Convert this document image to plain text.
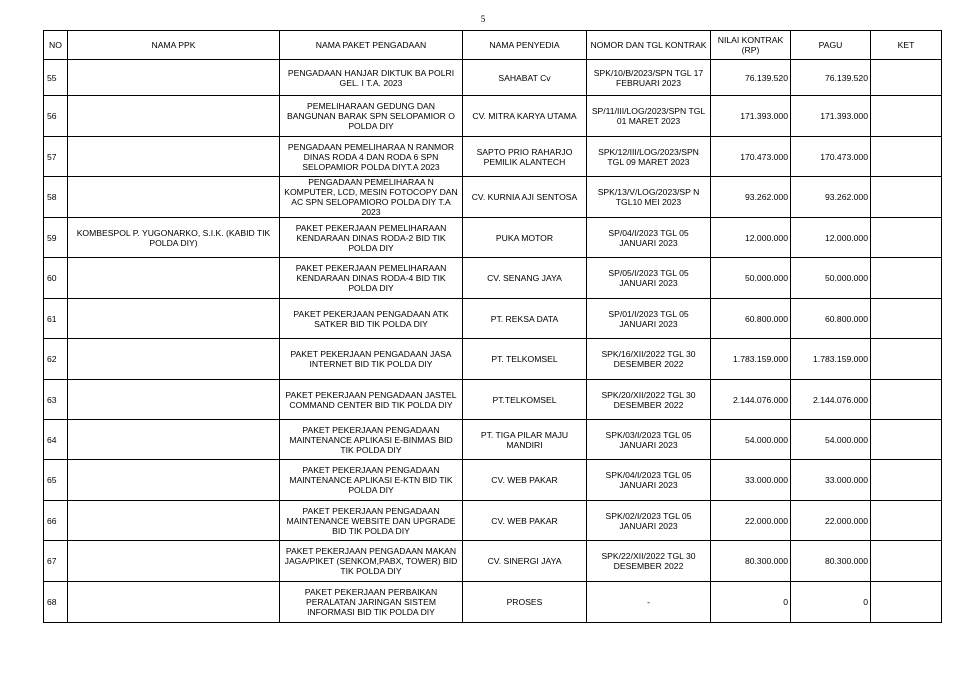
5
NO	NAMA PPK	NAMA PAKET PENGADAAN	NAMA PENYEDIA	NOMOR DAN TGL KONTRAK	NILAI KONTRAK (RP)	PAGU	KET
55		PENGADAAN HANJAR DIKTUK BA POLRI GEL. I T.A. 2023	SAHABAT Cv	SPK/10/B/2023/SPN TGL 17 FEBRUARI 2023	76.139.520	76.139.520	
56		PEMELIHARAAN GEDUNG DAN BANGUNAN BARAK SPN SELOPAMIOR O POLDA DIY	CV. MITRA KARYA UTAMA	SP/11/III/LOG/2023/SPN TGL 01 MARET 2023	171.393.000	171.393.000	
57		PENGADAAN PEMELIHARAA N RANMOR DINAS RODA 4 DAN RODA 6 SPN SELOPAMIOR POLDA DIYT.A 2023	SAPTO PRIO RAHARJO PEMILIK ALANTECH	SPK/12/III/LOG/2023/SPN TGL 09 MARET 2023	170.473.000	170.473.000	
58		PENGADAAN PEMELIHARAA N KOMPUTER, LCD, MESIN FOTOCOPY DAN AC SPN SELOPAMIORO POLDA DIY T.A 2023	CV. KURNIA AJI SENTOSA	SPK/13/V/LOG/2023/SP N TGL10 MEI 2023	93.262.000	93.262.000	
59	KOMBESPOL P. YUGONARKO, S.I.K. (KABID TIK POLDA DIY)	PAKET PEKERJAAN PEMELIHARAAN KENDARAAN DINAS RODA-2 BID TIK POLDA DIY	PUKA MOTOR	SP/04/I/2023 TGL 05 JANUARI 2023	12.000.000	12.000.000	
60		PAKET PEKERJAAN PEMELIHARAAN KENDARAAN DINAS RODA-4 BID TIK POLDA DIY	CV. SENANG JAYA	SP/05/I/2023 TGL 05 JANUARI 2023	50.000.000	50.000.000	
61		PAKET PEKERJAAN PENGADAAN ATK SATKER BID TIK POLDA DIY	PT. REKSA DATA	SP/01/I/2023 TGL 05 JANUARI 2023	60.800.000	60.800.000	
62		PAKET PEKERJAAN PENGADAAN JASA INTERNET BID TIK POLDA DIY	PT. TELKOMSEL	SPK/16/XII/2022 TGL 30 DESEMBER 2022	1.783.159.000	1.783.159.000	
63		PAKET PEKERJAAN PENGADAAN JASTEL COMMAND CENTER BID TIK POLDA DIY	PT.TELKOMSEL	SPK/20/XII/2022 TGL 30 DESEMBER 2022	2.144.076.000	2.144.076.000	
64		PAKET PEKERJAAN PENGADAAN MAINTENANCE APLIKASI E-BINMAS BID TIK POLDA DIY	PT. TIGA PILAR MAJU MANDIRI	SPK/03/I/2023 TGL 05 JANUARI 2023	54.000.000	54.000.000	
65		PAKET PEKERJAAN PENGADAAN MAINTENANCE APLIKASI E-KTN BID TIK POLDA DIY	CV. WEB PAKAR	SPK/04/I/2023 TGL 05 JANUARI 2023	33.000.000	33.000.000	
66		PAKET PEKERJAAN PENGADAAN MAINTENANCE WEBSITE DAN UPGRADE BID TIK POLDA DIY	CV. WEB PAKAR	SPK/02/I/2023 TGL 05 JANUARI 2023	22.000.000	22.000.000	
67		PAKET PEKERJAAN PENGADAAN MAKAN JAGA/PIKET (SENKOM,PABX, TOWER) BID TIK POLDA DIY	CV. SINERGI JAYA	SPK/22/XII/2022 TGL 30 DESEMBER 2022	80.300.000	80.300.000	
68		PAKET PEKERJAAN PERBAIKAN PERALATAN JARINGAN SISTEM INFORMASI BID TIK POLDA DIY	PROSES	-	0	0	
